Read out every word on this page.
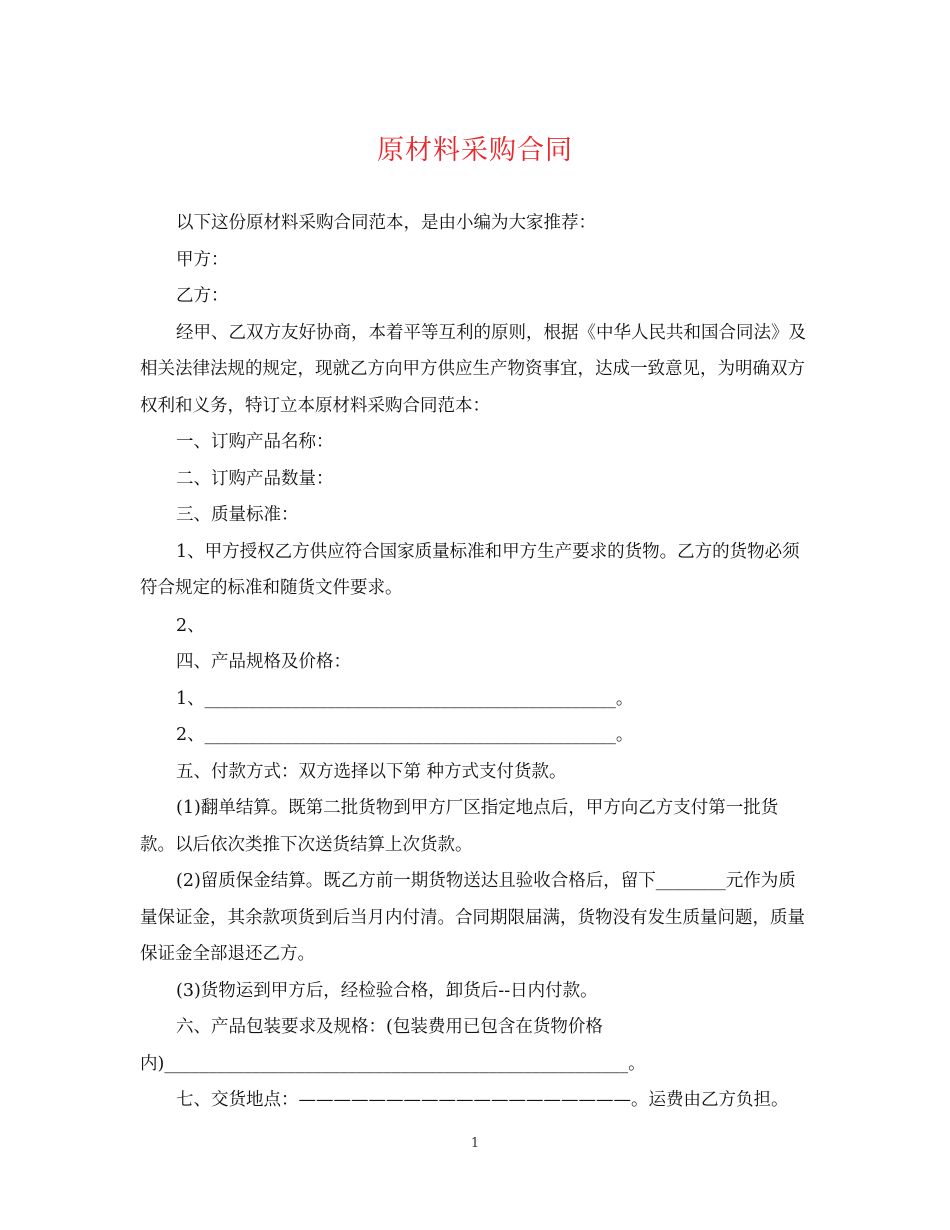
原材料采购合同

以下这份原材料采购合同范本，是由小编为大家推荐：

甲方：

乙方：

经甲、乙双方友好协商，本着平等互利的原则，根据《中华人民共和国合同法》及相关法律法规的规定，现就乙方向甲方供应生产物资事宜，达成一致意见，为明确双方权利和义务，特订立本原材料采购合同范本：

一、订购产品名称：

二、订购产品数量：

三、质量标准：

1、甲方授权乙方供应符合国家质量标准和甲方生产要求的货物。乙方的货物必须符合规定的标准和随货文件要求。

2、

四、产品规格及价格：

1、_______________________________________________。

2、_______________________________________________。

五、付款方式：双方选择以下第 种方式支付货款。

(1)翻单结算。既第二批货物到甲方厂区指定地点后，甲方向乙方支付第一批货款。以后依次类推下次送货结算上次货款。

(2)留质保金结算。既乙方前一期货物送达且验收合格后，留下________元作为质量保证金，其余款项货到后当月内付清。合同期限届满，货物没有发生质量问题，质量保证金全部退还乙方。

(3)货物运到甲方后，经检验合格，卸货后--日内付款。

六、产品包装要求及规格：(包装费用已包含在货物价格内)_____________________________________________________。

七、交货地点：———————————————————。运费由乙方负担。

1
